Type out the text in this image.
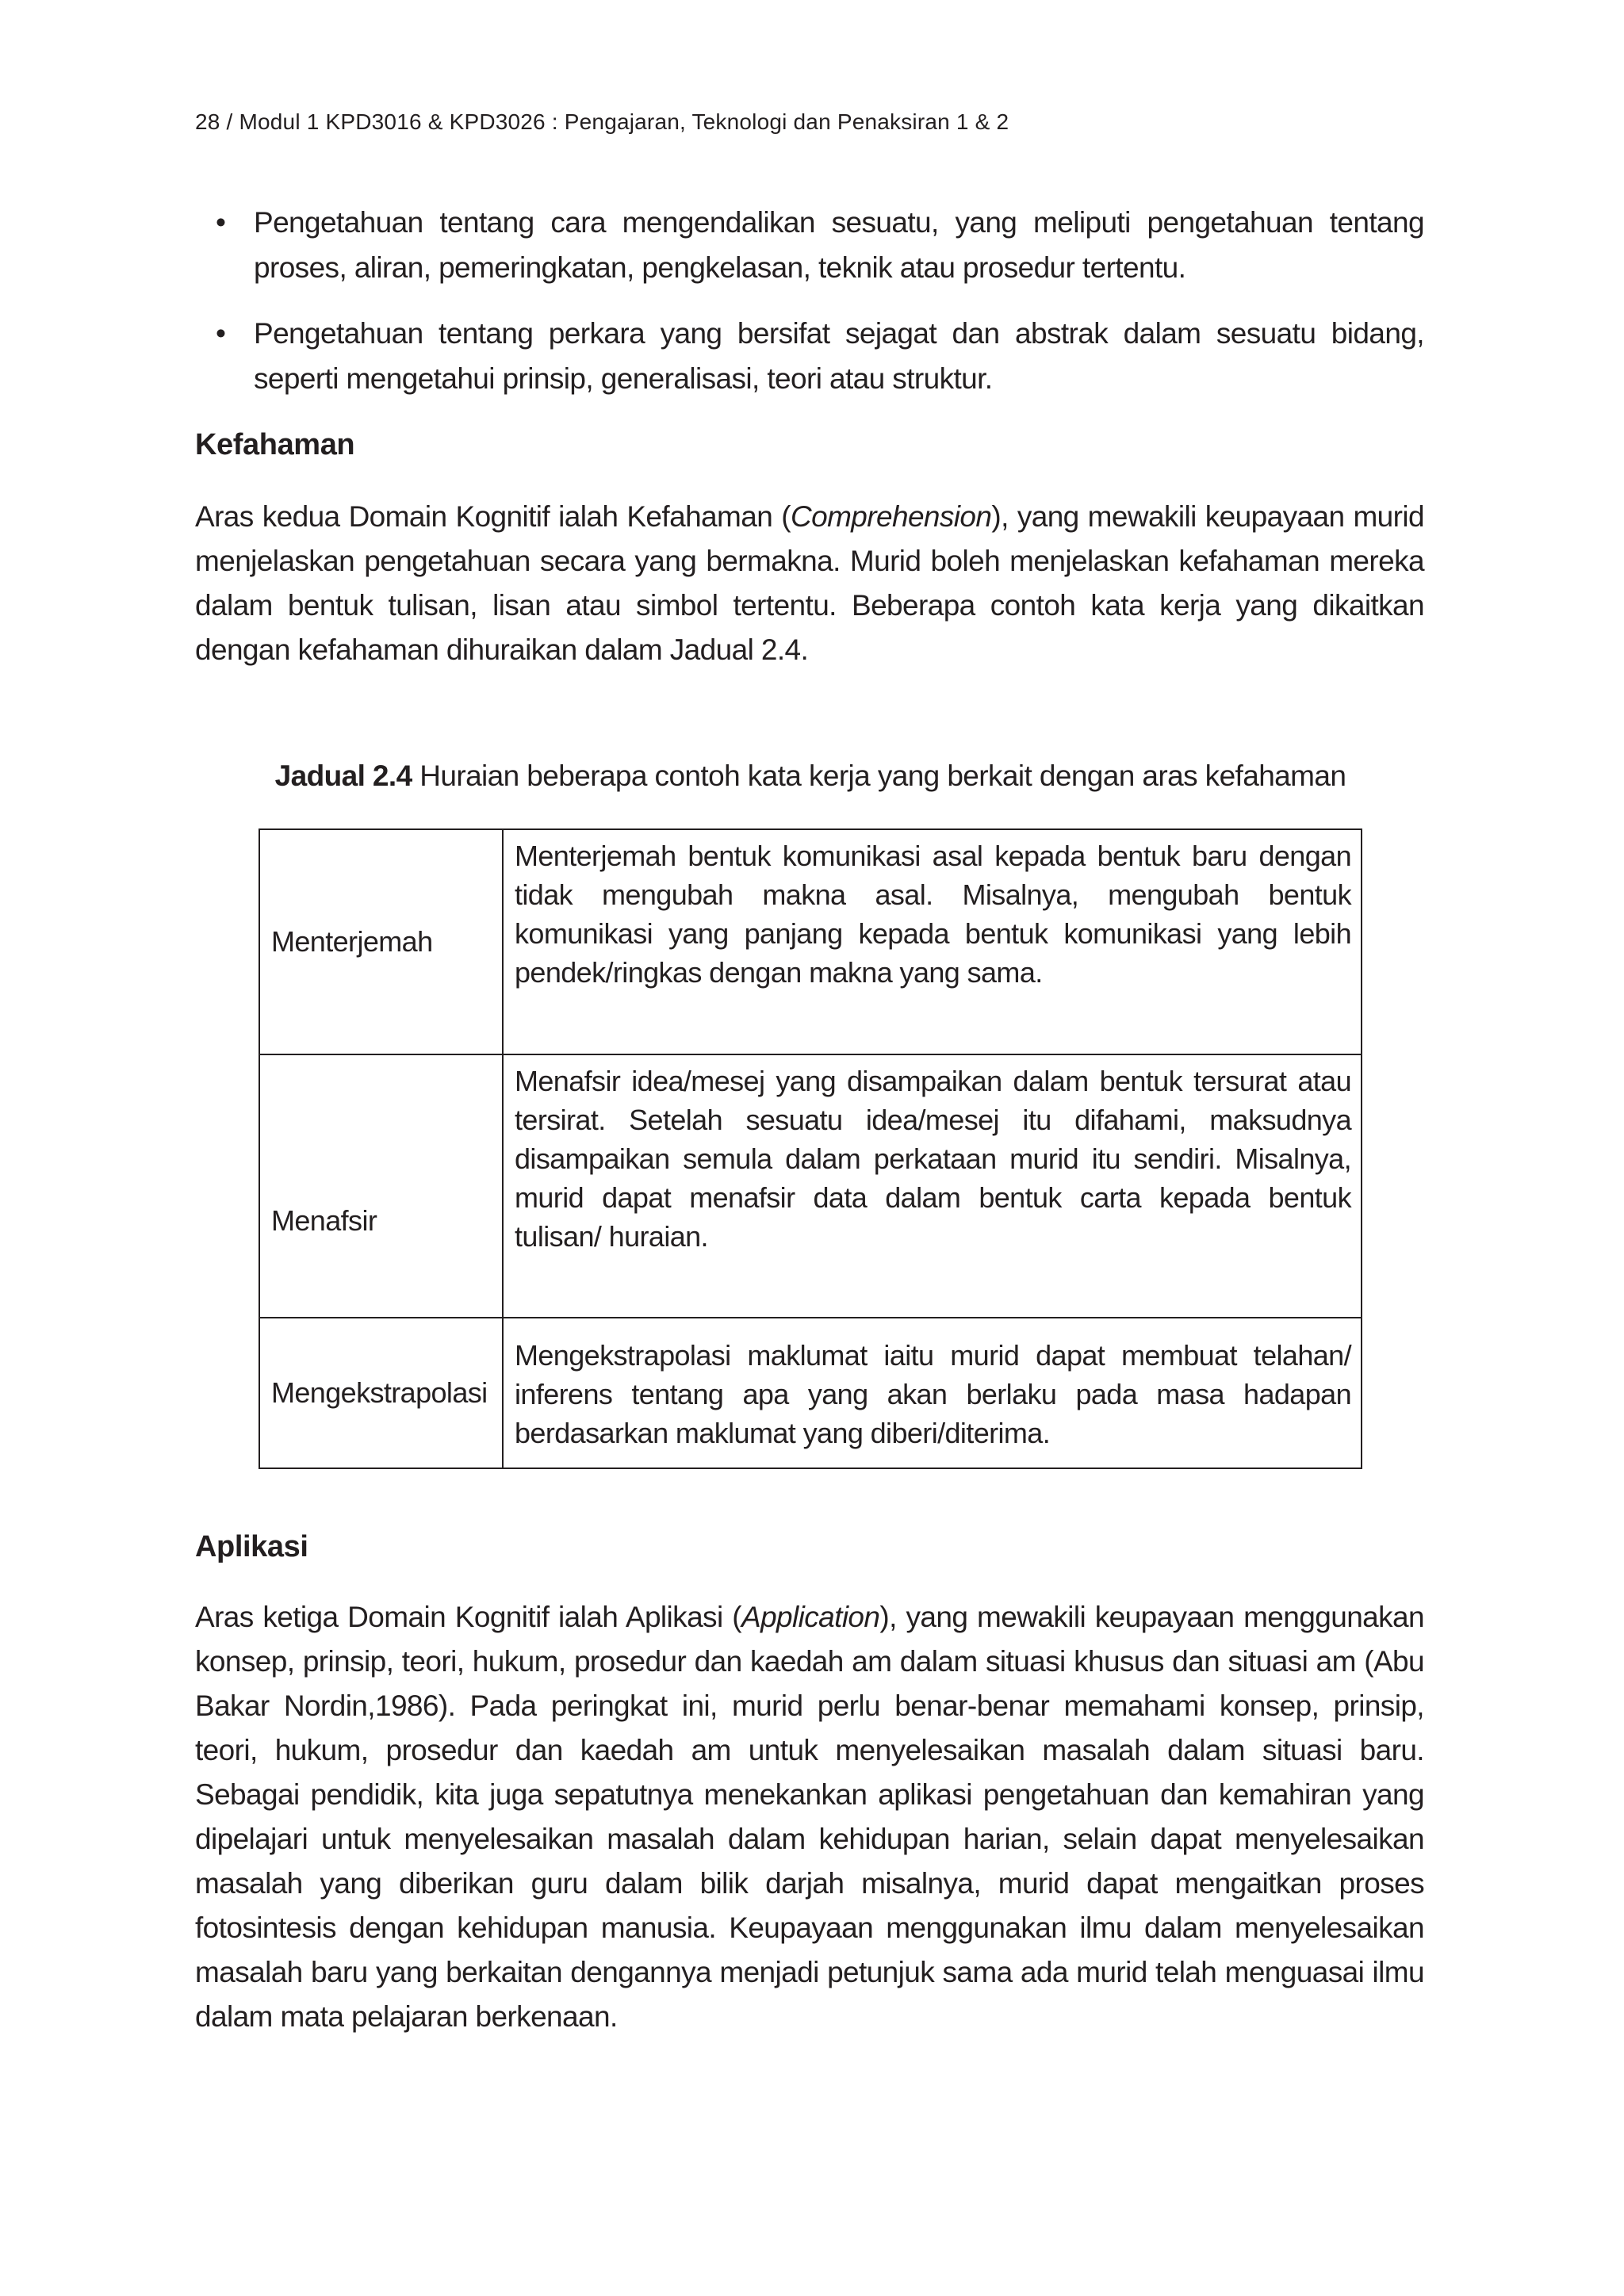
28 / Modul 1 KPD3016 & KPD3026 : Pengajaran, Teknologi dan Penaksiran 1 & 2
• Pengetahuan tentang cara mengendalikan sesuatu, yang meliputi pengetahuan tentang proses, aliran, pemeringkatan, pengkelasan, teknik atau prosedur tertentu.
• Pengetahuan tentang perkara yang bersifat sejagat dan abstrak dalam sesuatu bidang, seperti mengetahui prinsip, generalisasi, teori atau struktur.
Kefahaman

Aras kedua Domain Kognitif ialah Kefahaman (Comprehension), yang mewakili keupayaan murid menjelaskan pengetahuan secara yang bermakna. Murid boleh menjelaskan kefahaman mereka dalam bentuk tulisan, lisan atau simbol tertentu. Beberapa contoh kata kerja yang dikaitkan dengan kefahaman dihuraikan dalam Jadual 2.4.

Jadual 2.4 Huraian beberapa contoh kata kerja yang berkait dengan aras kefahaman
Menterjemah	Menterjemah bentuk komunikasi asal kepada bentuk baru dengan tidak mengubah makna asal. Misalnya, mengubah bentuk komunikasi yang panjang kepada bentuk komunikasi yang lebih pendek/ringkas dengan makna yang sama.
Menafsir	Menafsir idea/mesej yang disampaikan dalam bentuk tersurat atau tersirat. Setelah sesuatu idea/mesej itu difahami, maksudnya disampaikan semula dalam perkataan murid itu sendiri. Misalnya, murid dapat menafsir data dalam bentuk carta kepada bentuk tulisan/ huraian.
Mengekstrapolasi	Mengekstrapolasi maklumat iaitu murid dapat membuat telahan/ inferens tentang apa yang akan berlaku pada masa hadapan berdasarkan maklumat yang diberi/diterima.
Aplikasi

Aras ketiga Domain Kognitif ialah Aplikasi (Application), yang mewakili keupayaan menggunakan konsep, prinsip, teori, hukum, prosedur dan kaedah am dalam situasi khusus dan situasi am (Abu Bakar Nordin,1986). Pada peringkat ini, murid perlu benar-benar memahami konsep, prinsip, teori, hukum, prosedur dan kaedah am untuk menyelesaikan masalah dalam situasi baru. Sebagai pendidik, kita juga sepatutnya menekankan aplikasi pengetahuan dan kemahiran yang dipelajari untuk menyelesaikan masalah dalam kehidupan harian, selain dapat menyelesaikan masalah yang diberikan guru dalam bilik darjah misalnya, murid dapat mengaitkan proses fotosintesis dengan kehidupan manusia. Keupayaan menggunakan ilmu dalam menyelesaikan masalah baru yang berkaitan dengannya menjadi petunjuk sama ada murid telah menguasai ilmu dalam mata pelajaran berkenaan.
